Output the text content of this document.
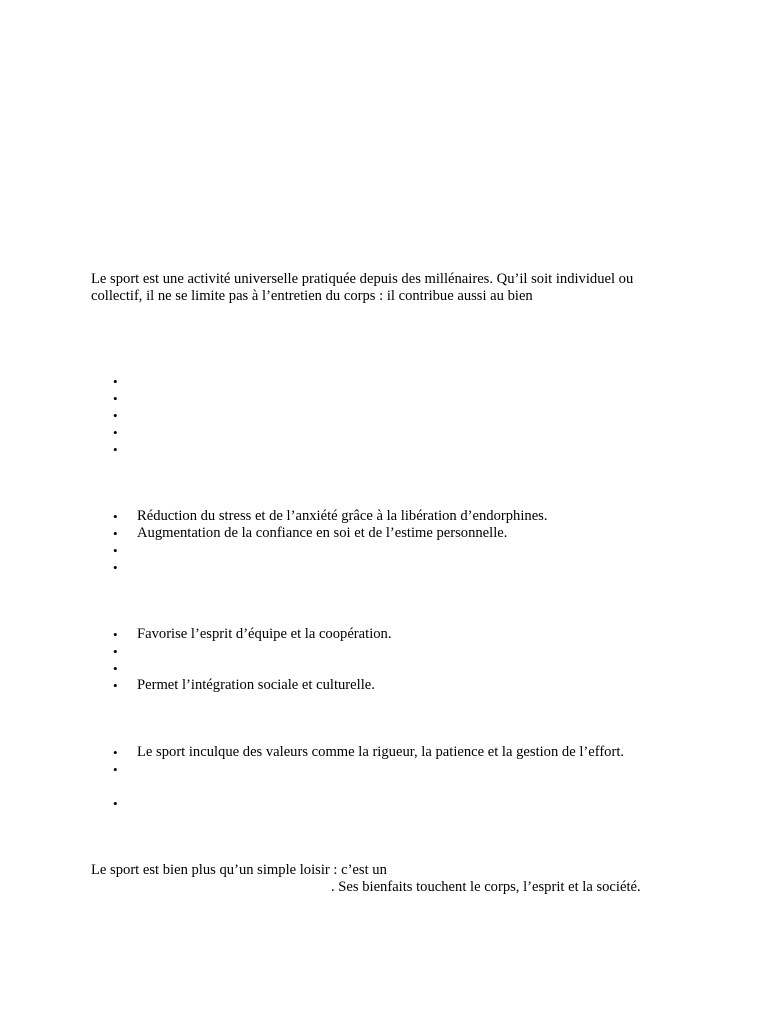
Le sport est une activité universelle pratiquée depuis des millénaires. Qu’il soit individuel ou
collectif, il ne se limite pas à l’entretien du corps : il contribue aussi au bien

•
•
•
•
•
•	Réduction du stress et de l’anxiété grâce à la libération d’endorphines.
•	Augmentation de la confiance en soi et de l’estime personnelle.
•
•
•	Favorise l’esprit d’équipe et la coopération.
•
•
•	Permet l’intégration sociale et culturelle.
•	Le sport inculque des valeurs comme la rigueur, la patience et la gestion de l’effort.
•
•

Le sport est bien plus qu’un simple loisir : c’est un
. Ses bienfaits touchent le corps, l’esprit et la société.
